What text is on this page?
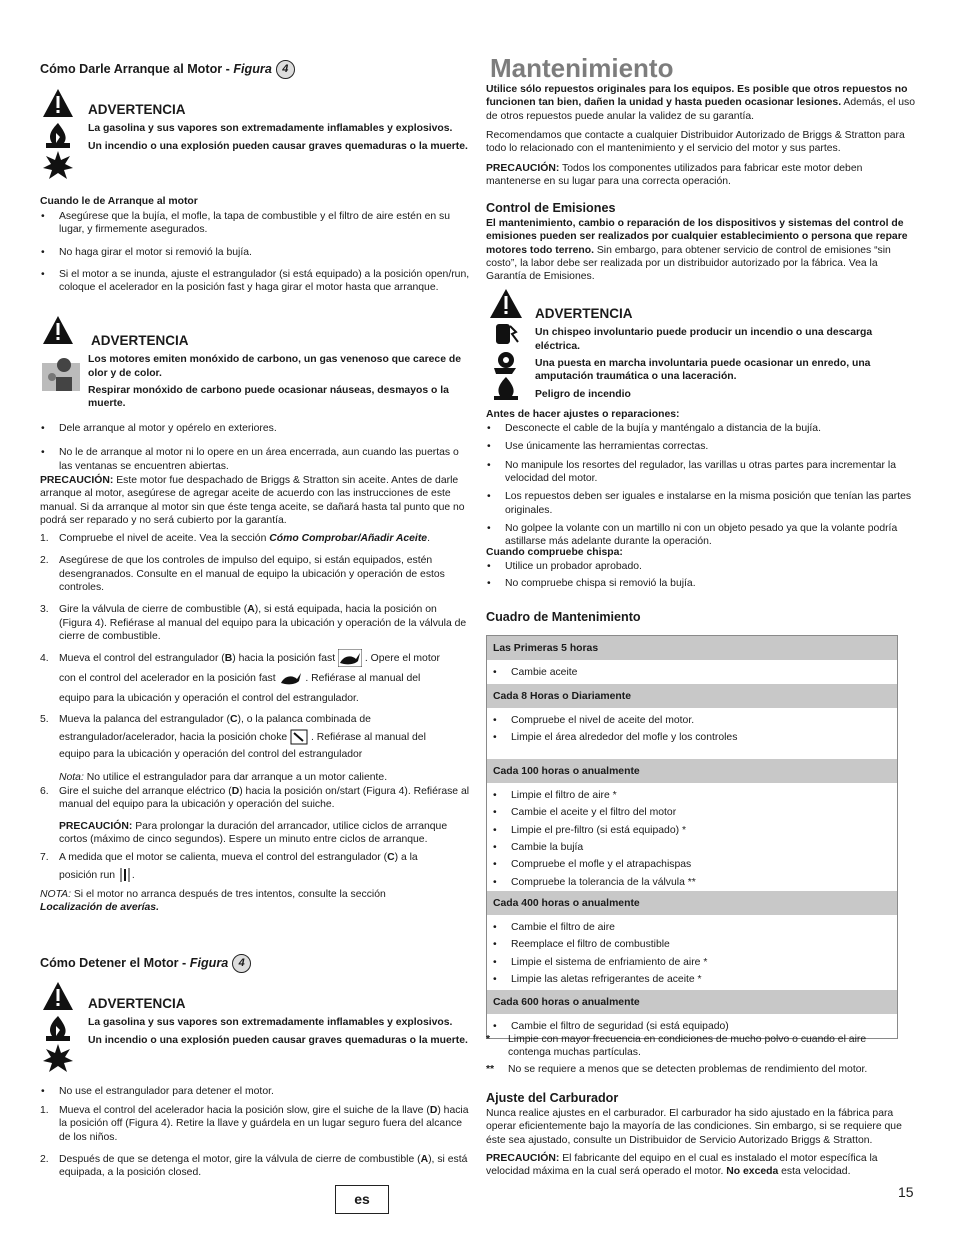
Cómo Darle Arranque al Motor - Figura 4
ADVERTENCIA
La gasolina y sus vapores son extremadamente inflamables y explosivos.
Un incendio o una explosión pueden causar graves quemaduras o la muerte.
Cuando le de Arranque al motor
• Asegúrese que la bujía, el mofle, la tapa de combustible y el filtro de aire estén en su lugar, y firmemente asegurados.
• No haga girar el motor si removió la bujía.
• Si el motor a se inunda, ajuste el estrangulador (si está equipado) a la posición open/run, coloque el acelerador en la posición fast y haga girar el motor hasta que arranque.
ADVERTENCIA
Los motores emiten monóxido de carbono, un gas venenoso que carece de olor y de color.
Respirar monóxido de carbono puede ocasionar náuseas, desmayos o la muerte.
• Dele arranque al motor y opérelo en exteriores.
• No le de arranque al motor ni lo opere en un área encerrada, aun cuando las puertas o las ventanas se encuentren abiertas.
PRECAUCIÓN: Este motor fue despachado de Briggs & Stratton sin aceite. Antes de darle arranque al motor, asegúrese de agregar aceite de acuerdo con las instrucciones de este manual. Si da arranque al motor sin que éste tenga aceite, se dañará hasta tal punto que no podrá ser reparado y no será cubierto por la garantía.
1. Compruebe el nivel de aceite. Vea la sección Cómo Comprobar/Añadir Aceite.
2. Asegúrese de que los controles de impulso del equipo, si están equipados, estén desengranados. Consulte en el manual de equipo la ubicación y operación de estos controles.
3. Gire la válvula de cierre de combustible (A), si está equipada, hacia la posición on (Figura 4). Refiérase al manual del equipo para la ubicación y operación de la válvula de cierre de combustible.
4. Mueva el control del estrangulador (B) hacia la posición fast	. Opere el motor
con el control del acelerador en la posición fast	. Refiérase al manual del
equipo para la ubicación y operación el control del estrangulador.
5. Mueva la palanca del estrangulador (C), o la palanca combinada de
estrangulador/acelerador, hacia la posición choke  . Refiérase al manual del
equipo para la ubicación y operación del control del estrangulador
Nota: No utilice el estrangulador para dar arranque a un motor caliente.
6. Gire el suiche del arranque eléctrico (D) hacia la posición on/start (Figura 4). Refiérase al manual del equipo para la ubicación y operación del suiche.
PRECAUCIÓN: Para prolongar la duración del arrancador, utilice ciclos de arranque cortos (máximo de cinco segundos). Espere un minuto entre ciclos de arranque.
7. A medida que el motor se calienta, mueva el control del estrangulador (C) a la
posición run .
NOTA: Si el motor no arranca después de tres intentos, consulte la sección
Localización de averías.
Cómo Detener el Motor - Figura 4
ADVERTENCIA
La gasolina y sus vapores son extremadamente inflamables y explosivos.
Un incendio o una explosión pueden causar graves quemaduras o la muerte.
• No use el estrangulador para detener el motor.
1. Mueva el control del acelerador hacia la posición slow, gire el suiche de la llave (D) hacia la posición off (Figura 4). Retire la llave y guárdela en un lugar seguro fuera del alcance de los niños.
2. Después de que se detenga el motor, gire la válvula de cierre de combustible (A), si está equipada, a la posición closed.
Mantenimiento
Utilice sólo repuestos originales para los equipos. Es posible que otros repuestos no funcionen tan bien, dañen la unidad y hasta pueden ocasionar lesiones. Además, el uso de otros repuestos puede anular la validez de su garantía.
Recomendamos que contacte a cualquier Distribuidor Autorizado de Briggs & Stratton para todo lo relacionado con el mantenimiento y el servicio del motor y sus partes.
PRECAUCIÓN: Todos los componentes utilizados para fabricar este motor deben mantenerse en su lugar para una correcta operación.
Control de Emisiones
El mantenimiento, cambio o reparación de los dispositivos y sistemas del control de emisiones pueden ser realizados por cualquier establecimiento o persona que repare motores todo terreno. Sin embargo, para obtener servicio de control de emisiones “sin costo”, la labor debe ser realizada por un distribuidor autorizado por la fábrica. Vea la Garantía de Emisiones.
ADVERTENCIA
Un chispeo involuntario puede producir un incendio o una descarga eléctrica.
Una puesta en marcha involuntaria puede ocasionar un enredo, una amputación traumática o una laceración.
Peligro de incendio
Antes de hacer ajustes o reparaciones:
• Desconecte el cable de la bujía y manténgalo a distancia de la bujía.
• Use únicamente las herramientas correctas.
• No manipule los resortes del regulador, las varillas u otras partes para incrementar la velocidad del motor.
• Los repuestos deben ser iguales e instalarse en la misma posición que tenían las partes originales.
• No golpee la volante con un martillo ni con un objeto pesado ya que la volante podría astillarse más adelante durante la operación.
Cuando compruebe chispa:
• Utilice un probador aprobado.
• No compruebe chispa si removió la bujía.
Cuadro de Mantenimiento
Las Primeras 5 horas
• Cambie aceite
Cada 8 Horas o Diariamente
• Compruebe el nivel de aceite del motor.
• Limpie el área alrededor del mofle y los controles
Cada 100 horas o anualmente
• Limpie el filtro de aire *
• Cambie el aceite y el filtro del motor
• Limpie el pre-filtro (si está equipado) *
• Cambie la bujía
• Compruebe el mofle y el atrapachispas
• Compruebe la tolerancia de la válvula **
Cada 400 horas o anualmente
• Cambie el filtro de aire
• Reemplace el filtro de combustible
• Limpie el sistema de enfriamiento de aire *
• Limpie las aletas refrigerantes de aceite *
Cada 600 horas o anualmente
• Cambie el filtro de seguridad (si está equipado)
* Limpie con mayor frecuencia en condiciones de mucho polvo o cuando el aire contenga muchas partículas.
** No se requiere a menos que se detecten problemas de rendimiento del motor.
Ajuste del Carburador
Nunca realice ajustes en el carburador. El carburador ha sido ajustado en la fábrica para operar eficientemente bajo la mayoría de las condiciones. Sin embargo, si se requiere que éste sea ajustado, consulte un Distribuidor de Servicio Autorizado Briggs & Stratton.
PRECAUCIÓN: El fabricante del equipo en el cual es instalado el motor específica la velocidad máxima en la cual será operado el motor. No exceda esta velocidad.
es	15
